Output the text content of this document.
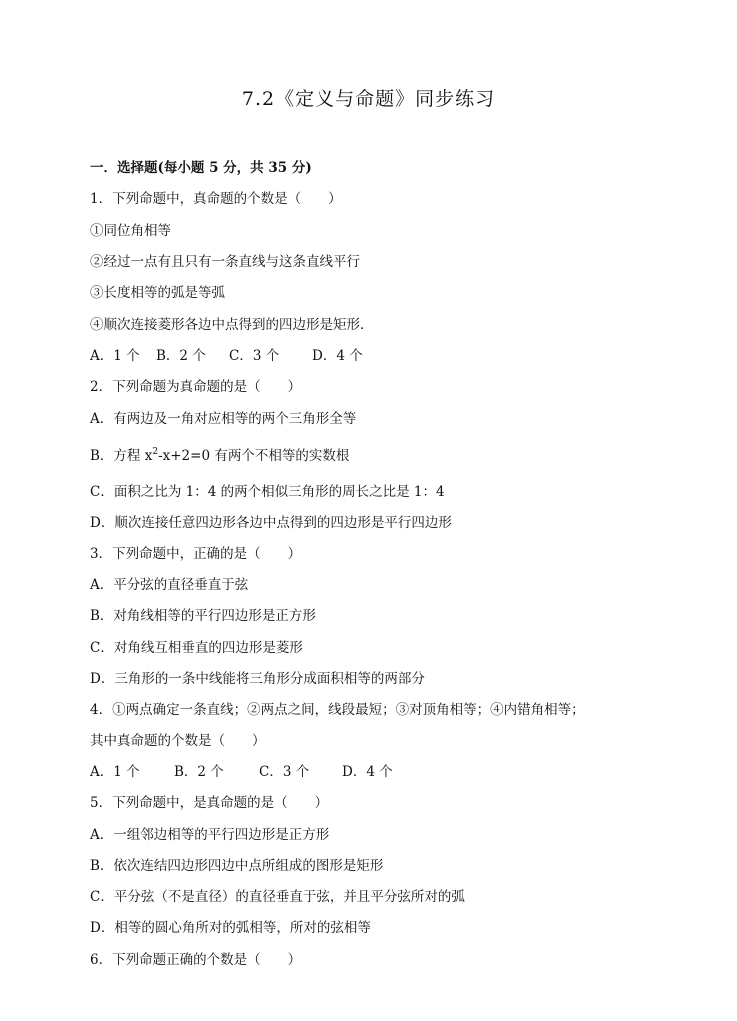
7.2《定义与命题》同步练习
一．选择题(每小题 5 分，共 35 分)
1．下列命题中，真命题的个数是（　　）
①同位角相等
②经过一点有且只有一条直线与这条直线平行
③长度相等的弧是等弧
④顺次连接菱形各边中点得到的四边形是矩形．
A．1 个 B．2 个 C．3 个 D．4 个
2．下列命题为真命题的是（　　）
A．有两边及一角对应相等的两个三角形全等
B．方程 $x^2-x+2=0$ 有两个不相等的实数根
C．面积之比为 1：4 的两个相似三角形的周长之比是 1：4
D．顺次连接任意四边形各边中点得到的四边形是平行四边形
3．下列命题中，正确的是（　　）
A．平分弦的直径垂直于弦
B．对角线相等的平行四边形是正方形
C．对角线互相垂直的四边形是菱形
D．三角形的一条中线能将三角形分成面积相等的两部分
4．①两点确定一条直线；②两点之间，线段最短；③对顶角相等；④内错角相等；
其中真命题的个数是（　　）
A．1 个	B．2 个	C．3 个 D．4 个
5．下列命题中，是真命题的是（　　）
A．一组邻边相等的平行四边形是正方形
B．依次连结四边形四边中点所组成的图形是矩形
C．平分弦（不是直径）的直径垂直于弦，并且平分弦所对的弧
D．相等的圆心角所对的弧相等，所对的弦相等
6．下列命题正确的个数是（　　）
